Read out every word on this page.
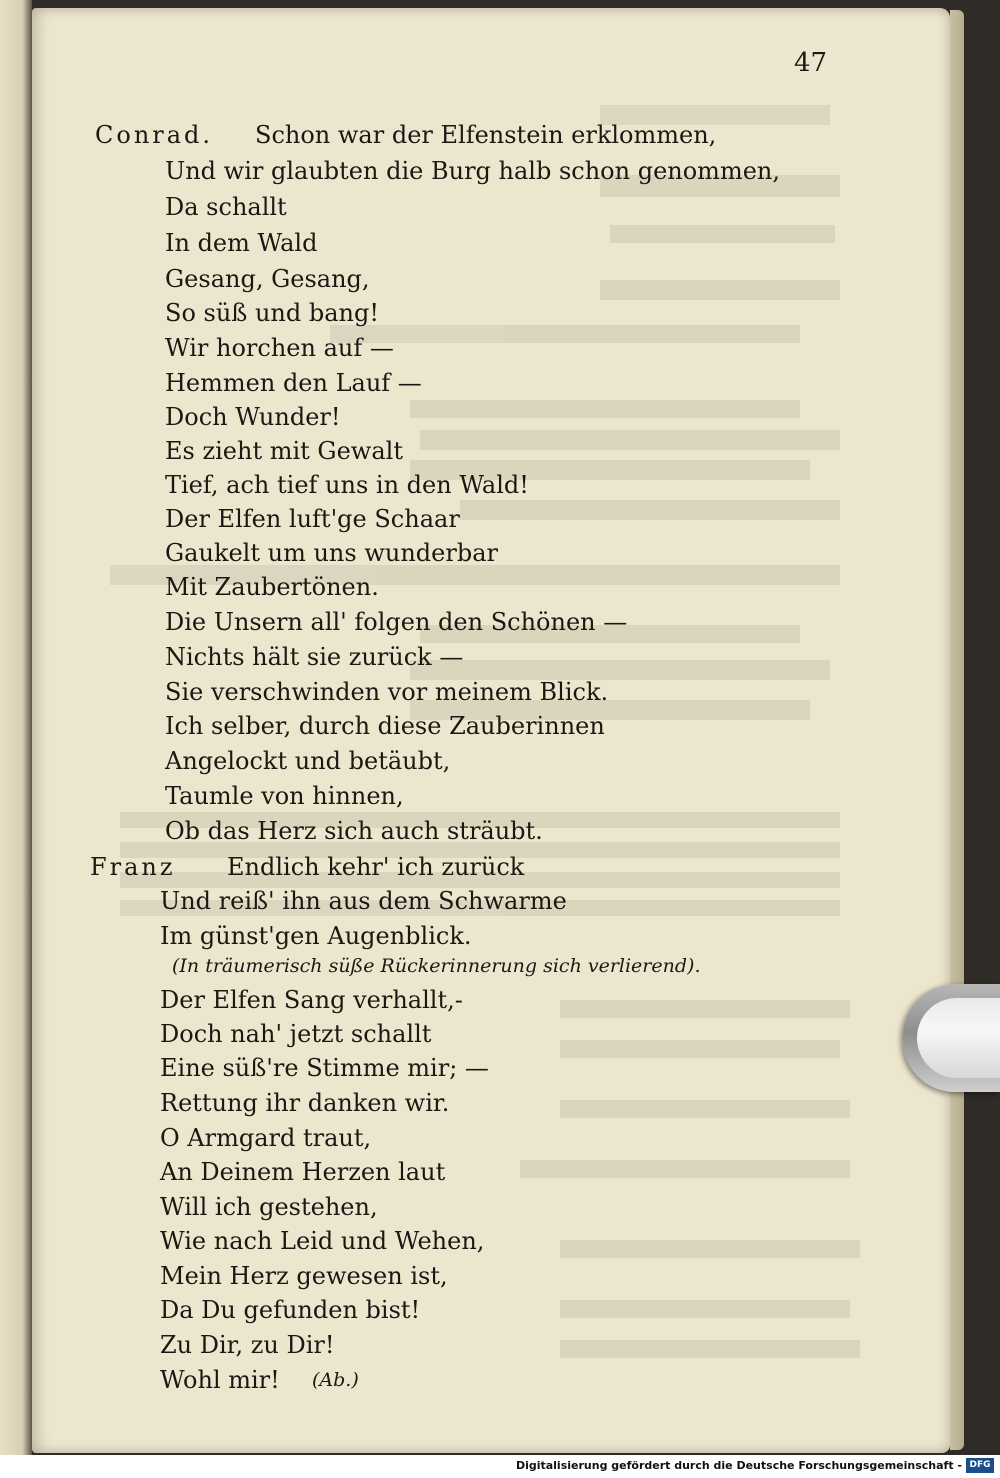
47
Conrad. Schon war der Elfenstein erklommen,
Und wir glaubten die Burg halb schon genommen,
Da schallt
In dem Wald
Gesang, Gesang,
So süß und bang!
Wir horchen auf —
Hemmen den Lauf —
Doch Wunder!
Es zieht mit Gewalt
Tief, ach tief uns in den Wald!
Der Elfen luft'ge Schaar
Gaukelt um uns wunderbar
Mit Zaubertönen.
Die Unsern all' folgen den Schönen —
Nichts hält sie zurück —
Sie verschwinden vor meinem Blick.
Ich selber, durch diese Zauberinnen
Angelockt und betäubt,
Taumle von hinnen,
Ob das Herz sich auch sträubt.
Franz Endlich kehr' ich zurück
Und reiß' ihn aus dem Schwarme
Im günst'gen Augenblick.
(In träumerisch süße Rückerinnerung sich verlierend).
Der Elfen Sang verhallt,-
Doch nah' jetzt schallt
Eine süß're Stimme mir; —
Rettung ihr danken wir.
O Armgard traut,
An Deinem Herzen laut
Will ich gestehen,
Wie nach Leid und Wehen,
Mein Herz gewesen ist,
Da Du gefunden bist!
Zu Dir, zu Dir!
Wohl mir! (Ab.)
Digitalisierung gefördert durch die Deutsche Forschungsgemeinschaft - DFG
